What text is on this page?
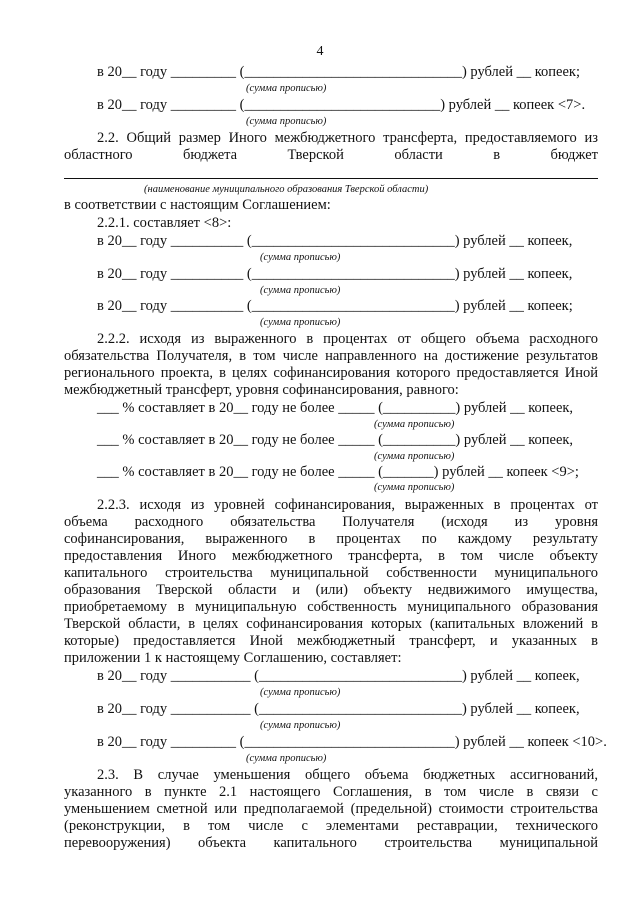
4
в 20__ году _________ (______________________________) рублей __ копеек;
(сумма прописью)
в 20__ году _________ (___________________________) рублей __ копеек <7>.
(сумма прописью)
2.2. Общий размер Иного межбюджетного трансферта, предоставляемого из
областного бюджета Тверской области в бюджет
(наименование муниципального образования Тверской области)
в соответствии с настоящим Соглашением:
2.2.1. составляет <8>:
в 20__ году __________ (____________________________) рублей __ копеек,
(сумма прописью)
в 20__ году __________ (____________________________) рублей __ копеек,
(сумма прописью)
в 20__ году __________ (____________________________) рублей __ копеек;
(сумма прописью)
2.2.2. исходя из выраженного в процентах от общего объема расходного
обязательства Получателя, в том числе направленного на достижение результатов
регионального проекта, в целях софинансирования которого предоставляется Иной
межбюджетный трансферт, уровня софинансирования, равного:
___ % составляет в 20__ году не более _____ (__________) рублей __ копеек,
(сумма прописью)
___ % составляет в 20__ году не более _____ (__________) рублей __ копеек,
(сумма прописью)
___ % составляет в 20__ году не более _____ (_______) рублей __ копеек <9>;
(сумма прописью)
2.2.3. исходя из уровней софинансирования, выраженных в процентах от
объема расходного обязательства Получателя (исходя из уровня
софинансирования, выраженного в процентах по каждому результату
предоставления Иного межбюджетного трансферта, в том числе объекту
капитального строительства муниципальной собственности муниципального
образования Тверской области и (или) объекту недвижимого имущества,
приобретаемому в муниципальную собственность муниципального образования
Тверской области, в целях софинансирования которых (капитальных вложений в
которые) предоставляется Иной межбюджетный трансферт, и указанных в
приложении 1 к настоящему Соглашению, составляет:
в 20__ году ___________ (____________________________) рублей __ копеек,
(сумма прописью)
в 20__ году ___________ (____________________________) рублей __ копеек,
(сумма прописью)
в 20__ году _________ (_____________________________) рублей __ копеек <10>.
(сумма прописью)
2.3. В случае уменьшения общего объема бюджетных ассигнований,
указанного в пункте 2.1 настоящего Соглашения, в том числе в связи с
уменьшением сметной или предполагаемой (предельной) стоимости строительства
(реконструкции, в том числе с элементами реставрации, технического
перевооружения) объекта капитального строительства муниципальной
